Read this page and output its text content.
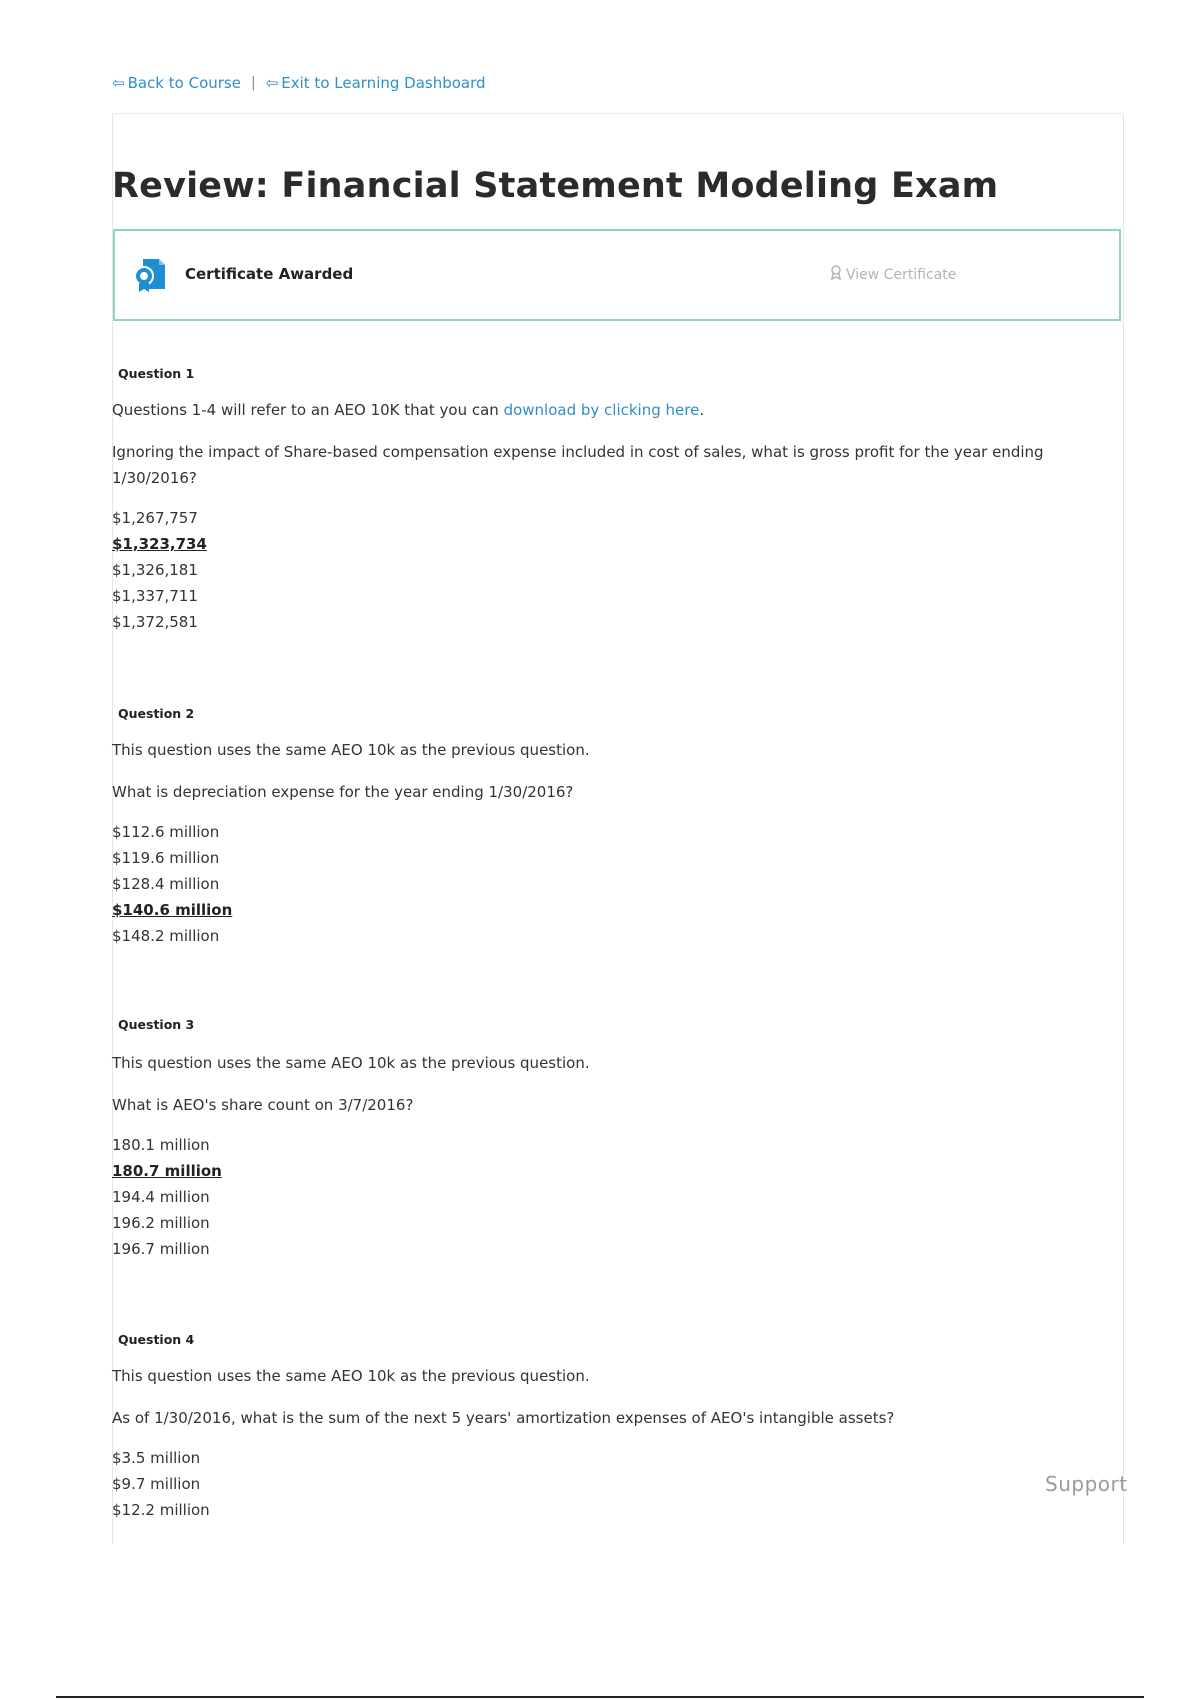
⇦ Back to Course | ⇦ Exit to Learning Dashboard
Review: Financial Statement Modeling Exam
Certificate Awarded	View Certificate
Question 1

Questions 1-4 will refer to an AEO 10K that you can download by clicking here.

Ignoring the impact of Share-based compensation expense included in cost of sales, what is gross profit for the year ending 1/30/2016?

$1,267,757
$1,323,734
$1,326,181
$1,337,711
$1,372,581
Question 2

This question uses the same AEO 10k as the previous question.

What is depreciation expense for the year ending 1/30/2016?

$112.6 million
$119.6 million
$128.4 million
$140.6 million
$148.2 million
Question 3

This question uses the same AEO 10k as the previous question.

What is AEO's share count on 3/7/2016?

180.1 million
180.7 million
194.4 million
196.2 million
196.7 million
Question 4

This question uses the same AEO 10k as the previous question.

As of 1/30/2016, what is the sum of the next 5 years' amortization expenses of AEO's intangible assets?

$3.5 million
$9.7 million
$12.2 million
Support
